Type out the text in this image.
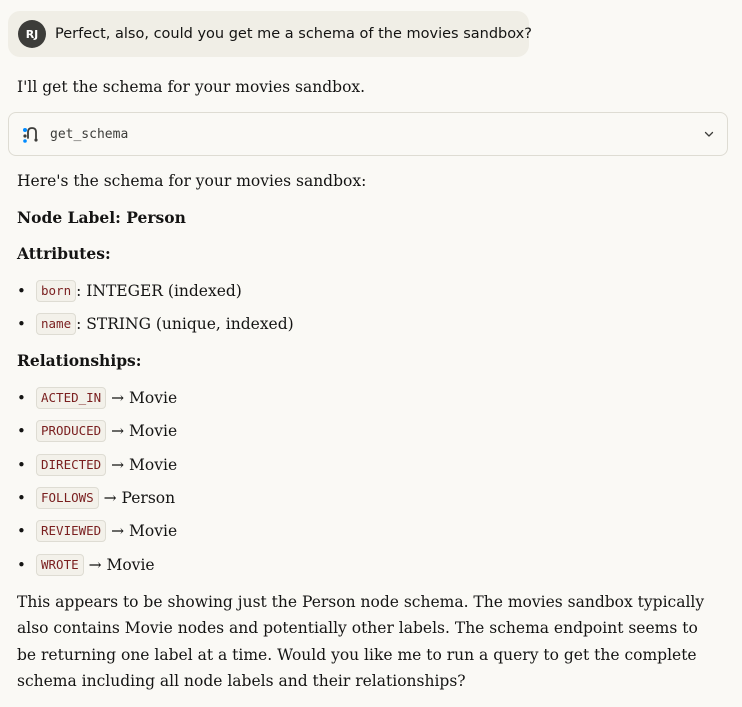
RJ	Perfect, also, could you get me a schema of the movies sandbox?

I'll get the schema for your movies sandbox.

get_schema

Here's the schema for your movies sandbox:

Node Label: Person

Attributes:

•	born : INTEGER (indexed)
•	name : STRING (unique, indexed)

Relationships:

•	ACTED_IN → Movie
•	PRODUCED → Movie
•	DIRECTED → Movie
•	FOLLOWS → Person
•	REVIEWED → Movie
•	WROTE → Movie

This appears to be showing just the Person node schema. The movies sandbox typically also contains Movie nodes and potentially other labels. The schema endpoint seems to be returning one label at a time. Would you like me to run a query to get the complete schema including all node labels and their relationships?
